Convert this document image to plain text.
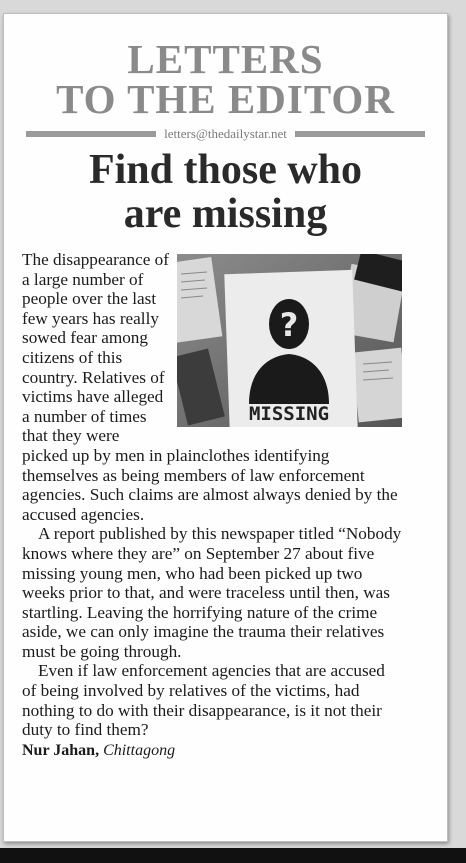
LETTERS
TO THE EDITOR
letters@thedailystar.net
Find those who
are missing
?
MISSING

The disappearance of a large number of people over the last few years has really sowed fear among citizens of this country. Relatives of victims have alleged a number of times that they were picked up by men in plainclothes identifying themselves as being members of law enforcement agencies. Such claims are almost always denied by the accused agencies.

A report published by this newspaper titled “Nobody knows where they are” on September 27 about five missing young men, who had been picked up two weeks prior to that, and were traceless until then, was startling. Leaving the horrifying nature of the crime aside, we can only imagine the trauma their relatives must be going through.

Even if law enforcement agencies that are accused of being involved by relatives of the victims, had nothing to do with their disappearance, is it not their duty to find them?

Nur Jahan, Chittagong
